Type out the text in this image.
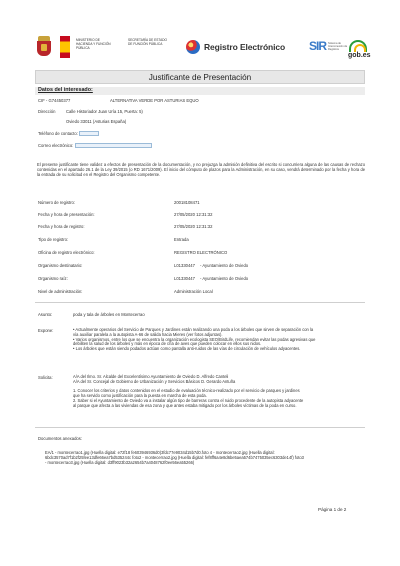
MINISTERIO DE HACIENDA Y FUNCIÓN PÚBLICA
SECRETARÍA DE ESTADO DE FUNCIÓN PÚBLICA	Registro Electrónico SIR Sistema de Interconexión de Registros
gob.es
Justificante de Presentación
Datos del interesado:
CIF - G74450377	ALTERNATIVA VERDE POR ASTURIAS EQUO
Dirección	Calle Historiador Juan Uría 15, Puerta: 5)
Oviedo 33011 (Asturias España)
Teléfono de contacto:
Correo electrónico:
El presente justificante tiene validez a efectos de presentación de la documentación, y no prejuzga la admisión definitiva del escrito si concurriera alguna de las causas de rechazo contenidas en el apartado 26.1 de la Ley 39/2015 (o RD 1671/2009). El inicio del cómputo de plazos para la Administración, en su caso, vendrá determinado por la fecha y hora de la entrada de su solicitud en el Registro del Organismo competente.
Número de registro:	20018108471
Fecha y hora de presentación:	27/05/2020 12:31:32
Fecha y hora de registro:	27/05/2020 12:31:32
Tipo de registro:	Entrada
Oficina de registro electrónico:	REGISTRO ELECTRÓNICO
Organismo destinatario:	L01330447 - Ayuntamiento de Oviedo
Organismo raíz:	L01330447 - Ayuntamiento de Oviedo
Nivel de administración:	Administración Local
Asunto:	poda y tala de árboles en Montecerrao
Expone:	• Actualmente operarios del Servicio de Parques y Jardines están realizando una poda a los árboles que sirven de separación con la
vía auxiliar paralela a la autopista A-66 de salida hacia Mieres (ver fotos adjuntas).
• Varios organismos, entre los que se encuentra la organización ecologista SEO/BirdLife, recomiendan evitar las podas agresivas que
debiliten la salud de los árboles y más en época de cría de aves que pueden colocar en ellos sus nidos.
• Los árboles que están siendo podados actúan como pantalla anti-ruidos de las vías de circulación de vehículos adyacentes.
Solicita:	A/A del Ilmo. Sr. Alcalde del Excelentísimo Ayuntamiento de Oviedo D. Alfredo Canteli
A/A del Sr. Concejal de Gobierno de Urbanización y Servicios Básicos D. Gerardo Antuña
1. Conocer los criterios y datos contenidos en el estudio de evaluación técnico-realizado por el servicio de parques y jardines
que ha servido como justificación para la puesta en marcha de esta poda.
2. Saber si el Ayuntamiento de Oviedo va a instalar algún tipo de barreras contra el ruido procedente de la autopista adyacente
al parque que afecta a las viviendas de esa zona y que antes estaba mitigado por los árboles víctimas de la poda en curso.
Documentos anexados:
EA/1 - montecerrao1.jpg (Huella digital: e72f18 fe603946936d0(3fdc77e9034d15b7d0.foto 4 - montecerrao2.jpg (Huella digital:
6bdc3570ad7f1b2f25fee13dfe66ea7bd535244c foto2 - montecerrao2.jpg (Huella digital: fef8ff6a4e8d6be5aea574b7475035ec6303de14f) foto3
- montecerrao3.jpg (Huella digital: d3ff9023b32a2654b7a4048762f0ee56ea55266)
Página 1 de 2
